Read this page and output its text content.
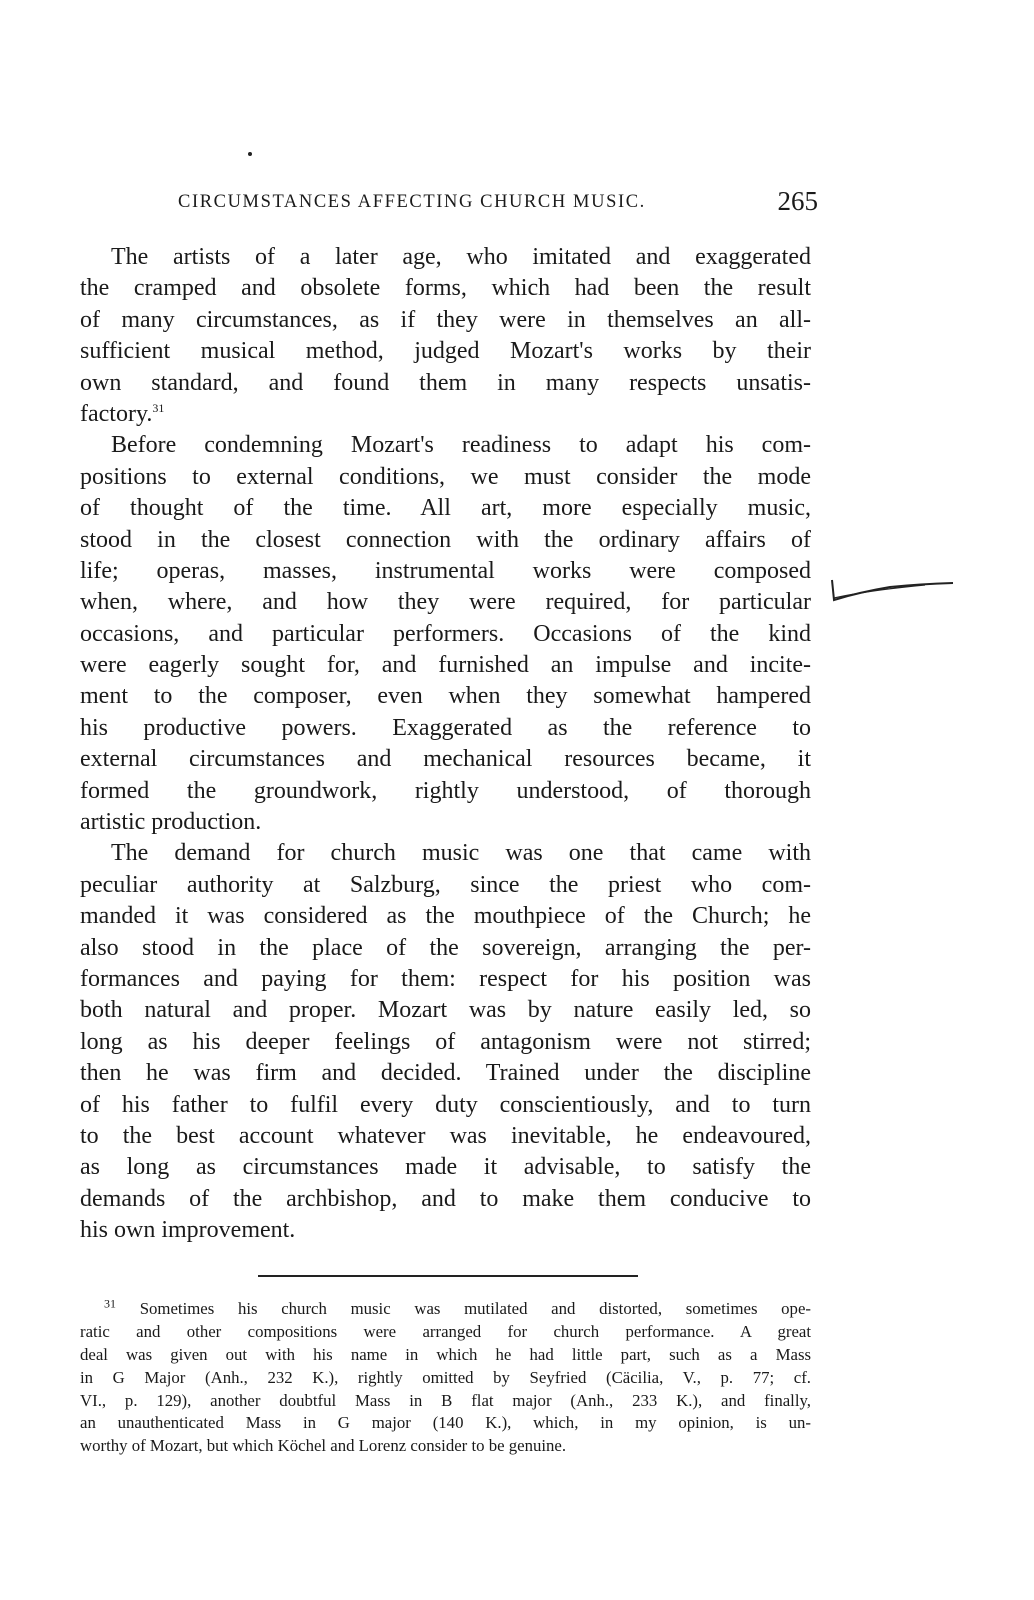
CIRCUMSTANCES AFFECTING CHURCH MUSIC.	265
The artists of a later age, who imitated and exaggerated
the cramped and obsolete forms, which had been the result
of many circumstances, as if they were in themselves an all-
sufficient musical method, judged Mozart's works by their
own standard, and found them in many respects unsatis-
factory.$^{31}$
Before condemning Mozart's readiness to adapt his com-
positions to external conditions, we must consider the mode
of thought of the time. All art, more especially music,
stood in the closest connection with the ordinary affairs of
life; operas, masses, instrumental works were composed
when, where, and how they were required, for particular
occasions, and particular performers. Occasions of the kind
were eagerly sought for, and furnished an impulse and incite-
ment to the composer, even when they somewhat hampered
his productive powers. Exaggerated as the reference to
external circumstances and mechanical resources became, it
formed the groundwork, rightly understood, of thorough
artistic production.
The demand for church music was one that came with
peculiar authority at Salzburg, since the priest who com-
manded it was considered as the mouthpiece of the Church; he
also stood in the place of the sovereign, arranging the per-
formances and paying for them: respect for his position was
both natural and proper. Mozart was by nature easily led, so
long as his deeper feelings of antagonism were not stirred;
then he was firm and decided. Trained under the discipline
of his father to fulfil every duty conscientiously, and to turn
to the best account whatever was inevitable, he endeavoured,
as long as circumstances made it advisable, to satisfy the
demands of the archbishop, and to make them conducive to
his own improvement.
$^{31}$ Sometimes his church music was mutilated and distorted, sometimes ope-
ratic and other compositions were arranged for church performance. A great
deal was given out with his name in which he had little part, such as a Mass
in G Major (Anh., 232 K.), rightly omitted by Seyfried (Cäcilia, V., p. 77; cf.
VI., p. 129), another doubtful Mass in B flat major (Anh., 233 K.), and finally,
an unauthenticated Mass in G major (140 K.), which, in my opinion, is un-
worthy of Mozart, but which Köchel and Lorenz consider to be genuine.
